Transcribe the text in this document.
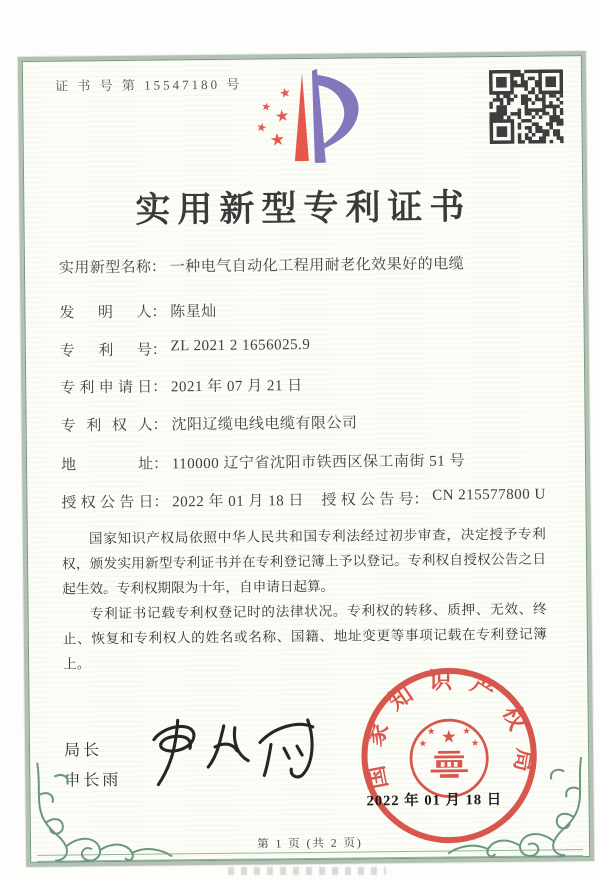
证 书 号 第 15547180 号	★
★ ★
★
★
实用新型专利证书
实用新型名称： 一种电气自动化工程用耐老化效果好的电缆
发明人： 陈星灿
专利号： ZL 2021 2 1656025.9
专利申请日： 2021 年 07 月 21 日
专利权人： 沈阳辽缆电线电缆有限公司
地址： 110000 辽宁省沈阳市铁西区保工南街 51 号
授权公告日： 2022 年 01 月 18 日 授权公告号： CN 215577800 U

国家知识产权局依照中华人民共和国专利法经过初步审查，决定授予专利权，颁发实用新型专利证书并在专利登记簿上予以登记。专利权自授权公告之日起生效。专利权期限为十年，自申请日起算。

专利证书记载专利权登记时的法律状况。专利权的转移、质押、无效、终止、恢复和专利权人的姓名或名称、国籍、地址变更等事项记载在专利登记簿上。

局长
申长雨	国家知识产权局
★
★	★
★	★
2022 年 01 月 18 日
第 1 页 (共 2 页)
